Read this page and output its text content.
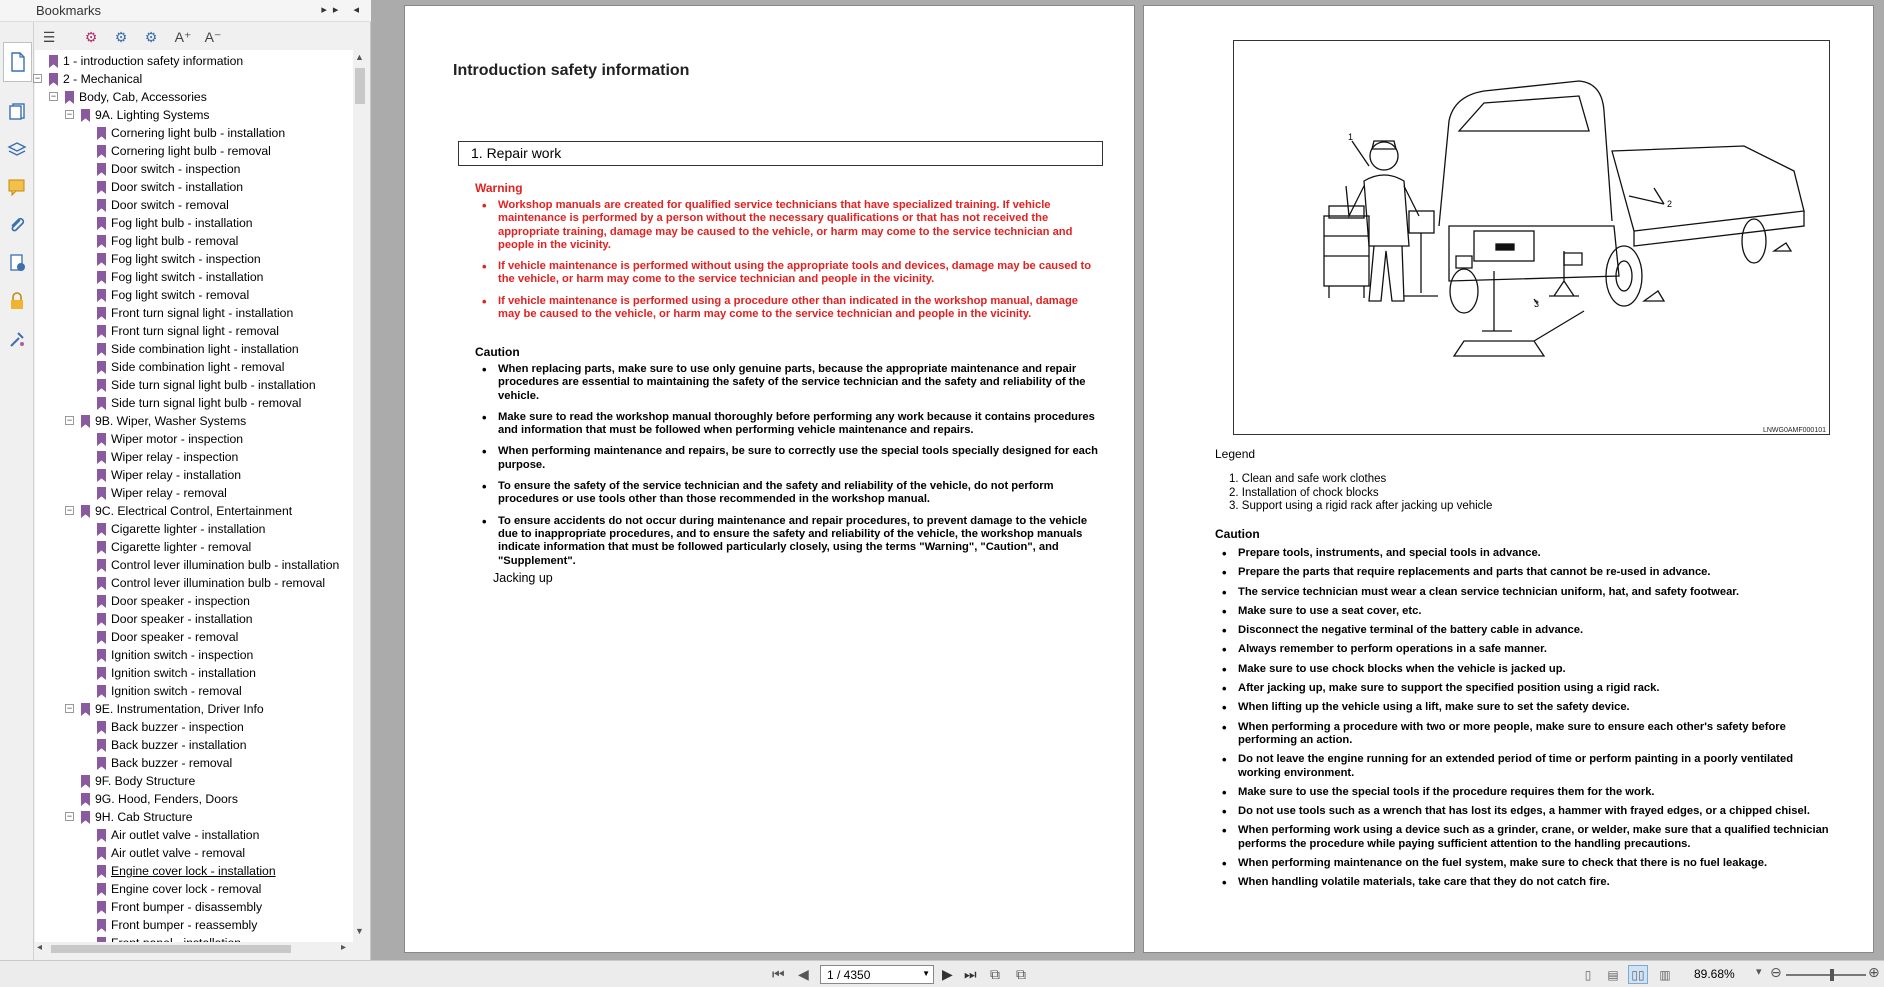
Bookmarks	▸▸ ◂
☰	⚙	⚙	⚙	A⁺ A⁻
1 - introduction safety information
− 2 - Mechanical
− Body, Cab, Accessories
− 9A. Lighting Systems
Cornering light bulb - installation
Cornering light bulb - removal
Door switch - inspection
Door switch - installation
Door switch - removal
Fog light bulb - installation
Fog light bulb - removal
Fog light switch - inspection
Fog light switch - installation
Fog light switch - removal
Front turn signal light - installation
Front turn signal light - removal
Side combination light - installation
Side combination light - removal
Side turn signal light bulb - installation
Side turn signal light bulb - removal
− 9B. Wiper, Washer Systems
Wiper motor - inspection
Wiper relay - inspection
Wiper relay - installation
Wiper relay - removal
− 9C. Electrical Control, Entertainment
Cigarette lighter - installation
Cigarette lighter - removal
Control lever illumination bulb - installation
Control lever illumination bulb - removal
Door speaker - inspection
Door speaker - installation
Door speaker - removal
Ignition switch - inspection
Ignition switch - installation
Ignition switch - removal
− 9E. Instrumentation, Driver Info
Back buzzer - inspection
Back buzzer - installation
Back buzzer - removal
9F. Body Structure
9G. Hood, Fenders, Doors
− 9H. Cab Structure
Air outlet valve - installation
Air outlet valve - removal
Engine cover lock - installation
Engine cover lock - removal
Front bumper - disassembly
Front bumper - reassembly
▲
▼
◂	▸
Introduction safety information
1. Repair work
Warning
• Workshop manuals are created for qualified service technicians that have specialized training. If vehicle maintenance is performed by a person without the necessary qualifications or that has not received the appropriate training, damage may be caused to the vehicle, or harm may come to the service technician and people in the vicinity.
• If vehicle maintenance is performed without using the appropriate tools and devices, damage may be caused to the vehicle, or harm may come to the service technician and people in the vicinity.
• If vehicle maintenance is performed using a procedure other than indicated in the workshop manual, damage may be caused to the vehicle, or harm may come to the service technician and people in the vicinity.
Caution
• When replacing parts, make sure to use only genuine parts, because the appropriate maintenance and repair procedures are essential to maintaining the safety of the service technician and the safety and reliability of the vehicle.
• Make sure to read the workshop manual thoroughly before performing any work because it contains procedures and information that must be followed when performing vehicle maintenance and repairs.
• When performing maintenance and repairs, be sure to correctly use the special tools specially designed for each purpose.
• To ensure the safety of the service technician and the safety and reliability of the vehicle, do not perform procedures or use tools other than those recommended in the workshop manual.
• To ensure accidents do not occur during maintenance and repair procedures, to prevent damage to the vehicle due to inappropriate procedures, and to ensure the safety and reliability of the vehicle, the workshop manuals indicate information that must be followed particularly closely, using the terms "Warning", "Caution", and "Supplement".
Jacking up
1
2
3
LNWG0AMF000101
Legend
1. Clean and safe work clothes
2. Installation of chock blocks
3. Support using a rigid rack after jacking up vehicle
Caution
• Prepare tools, instruments, and special tools in advance.
• Prepare the parts that require replacements and parts that cannot be re-used in advance.
• The service technician must wear a clean service technician uniform, hat, and safety footwear.
• Make sure to use a seat cover, etc.
• Disconnect the negative terminal of the battery cable in advance.
• Always remember to perform operations in a safe manner.
• Make sure to use chock blocks when the vehicle is jacked up.
• After jacking up, make sure to support the specified position using a rigid rack.
• When lifting up the vehicle using a lift, make sure to set the safety device.
• When performing a procedure with two or more people, make sure to ensure each other's safety before performing an action.
• Do not leave the engine running for an extended period of time or perform painting in a poorly ventilated working environment.
• Make sure to use the special tools if the procedure requires them for the work.
• Do not use tools such as a wrench that has lost its edges, a hammer with frayed edges, or a chipped chisel.
• When performing work using a device such as a grinder, crane, or welder, make sure that a qualified technician performs the procedure while paying sufficient attention to the handling precautions.
• When performing maintenance on the fuel system, make sure to check that there is no fuel leakage.
• When handling volatile materials, take care that they do not catch fire.
⏮ ◀	1 / 4350	▼ ▶ ⏭ ⧉ ⧉	▯	▤	▯▯	▥	89.68% ▾ ⊖	⊕
